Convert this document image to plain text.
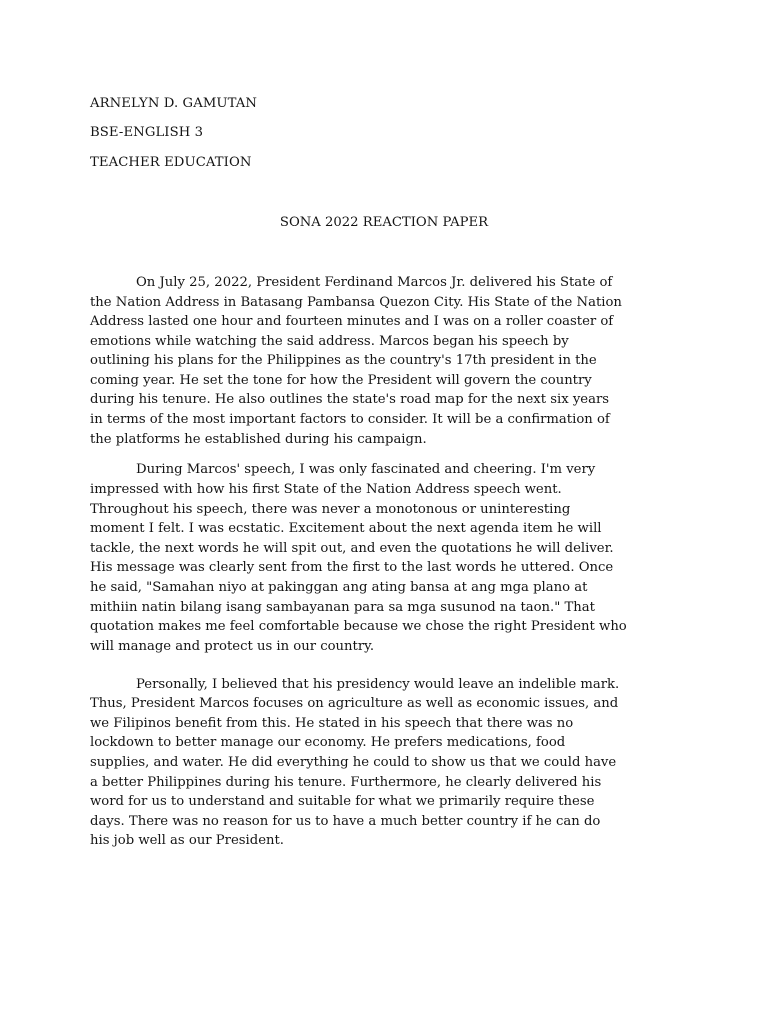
ARNELYN D. GAMUTAN
BSE-ENGLISH 3
TEACHER EDUCATION
SONA 2022 REACTION PAPER
On July 25, 2022, President Ferdinand Marcos Jr. delivered his State of
the Nation Address in Batasang Pambansa Quezon City. His State of the Nation
Address lasted one hour and fourteen minutes and I was on a roller coaster of
emotions while watching the said address. Marcos began his speech by
outlining his plans for the Philippines as the country's 17th president in the
coming year. He set the tone for how the President will govern the country
during his tenure. He also outlines the state's road map for the next six years
in terms of the most important factors to consider. It will be a confirmation of
the platforms he established during his campaign.
During Marcos' speech, I was only fascinated and cheering. I'm very
impressed with how his first State of the Nation Address speech went.
Throughout his speech, there was never a monotonous or uninteresting
moment I felt. I was ecstatic. Excitement about the next agenda item he will
tackle, the next words he will spit out, and even the quotations he will deliver.
His message was clearly sent from the first to the last words he uttered. Once
he said, "Samahan niyo at pakinggan ang ating bansa at ang mga plano at
mithiin natin bilang isang sambayanan para sa mga susunod na taon." That
quotation makes me feel comfortable because we chose the right President who
will manage and protect us in our country.
Personally, I believed that his presidency would leave an indelible mark.
Thus, President Marcos focuses on agriculture as well as economic issues, and
we Filipinos benefit from this. He stated in his speech that there was no
lockdown to better manage our economy. He prefers medications, food
supplies, and water. He did everything he could to show us that we could have
a better Philippines during his tenure. Furthermore, he clearly delivered his
word for us to understand and suitable for what we primarily require these
days. There was no reason for us to have a much better country if he can do
his job well as our President.
